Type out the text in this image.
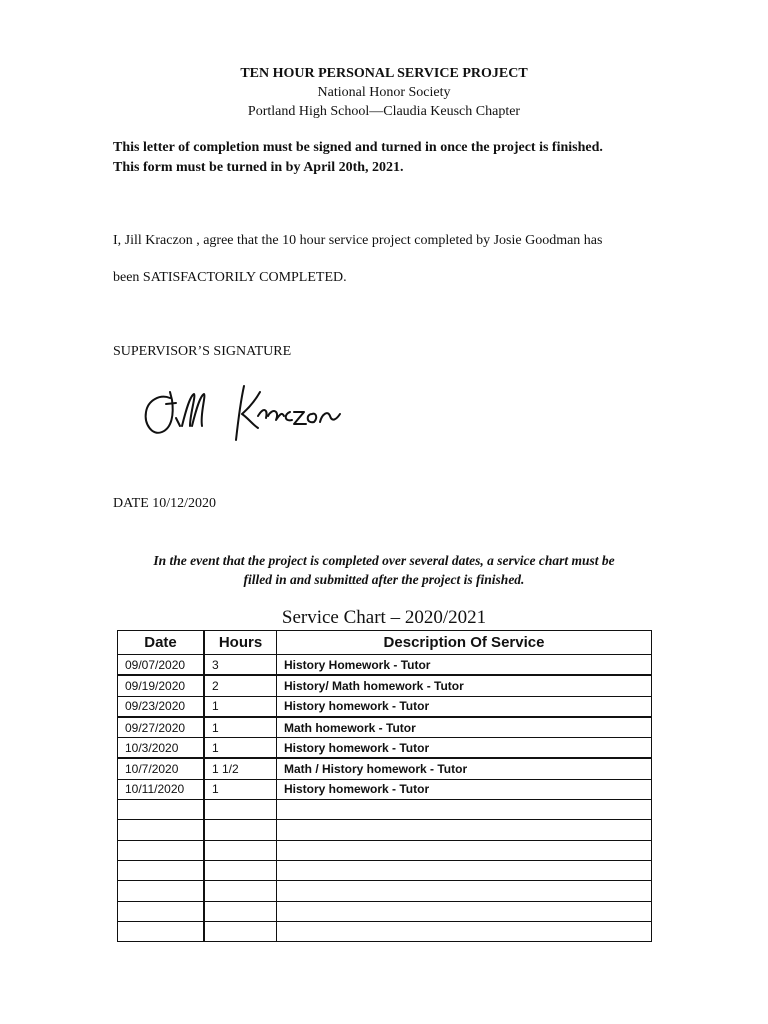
TEN HOUR PERSONAL SERVICE PROJECT
National Honor Society
Portland High School—Claudia Keusch Chapter
This letter of completion must be signed and turned in once the project is finished.
This form must be turned in by April 20th, 2021.
I, Jill Kraczon , agree that the 10 hour service project completed by Josie Goodman has
been SATISFACTORILY COMPLETED.
SUPERVISOR’S SIGNATURE
DATE 10/12/2020
In the event that the project is completed over several dates, a service chart must be
filled in and submitted after the project is finished.
Service Chart – 2020/2021
Date	Hours	Description Of Service
09/07/2020	3	History Homework - Tutor
09/19/2020	2	History/ Math homework - Tutor
09/23/2020	1	History homework - Tutor
09/27/2020	1	Math homework - Tutor
10/3/2020	1	History homework - Tutor
10/7/2020	1 1/2	Math / History homework - Tutor
10/11/2020	1	History homework - Tutor
